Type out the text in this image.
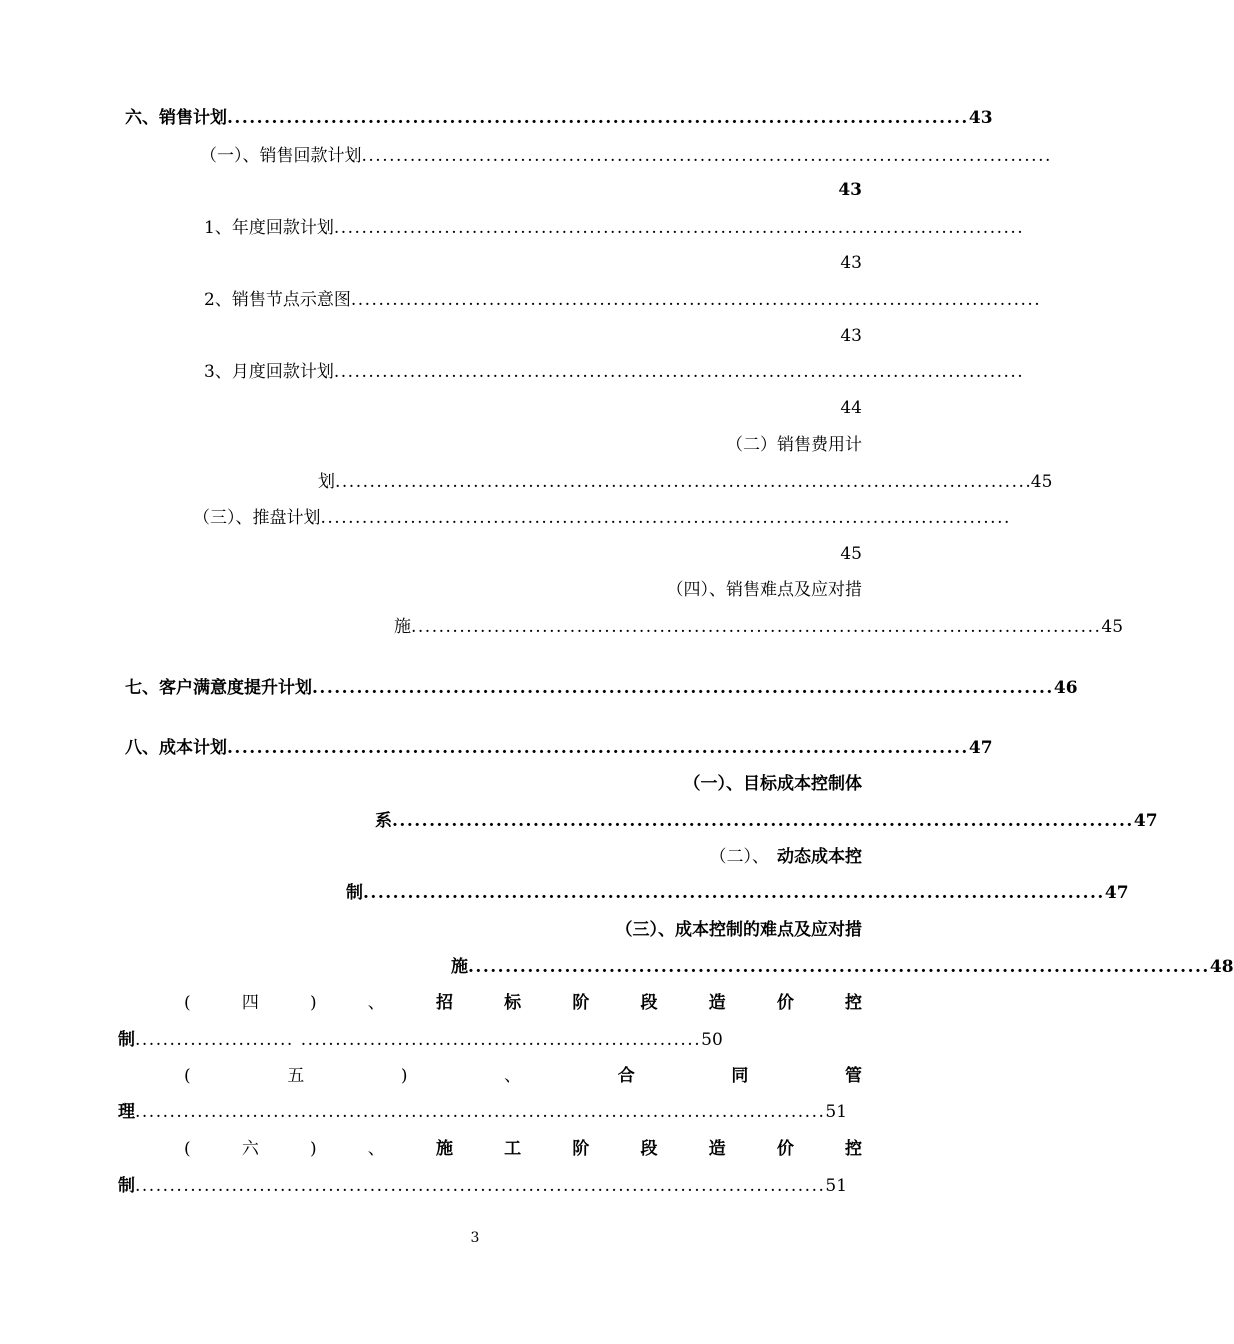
六、 销售计划 .................................................................................................... 43
（一）、销售回款计划 ....................................................................................................
43
1、年度回款计划 ....................................................................................................
43
2、销售节点示意图 ....................................................................................................
43
3、月度回款计划 ....................................................................................................
44
（二）销售费用计
划 .................................................................................................... .45
（三）、推盘计划 ....................................................................................................
45
（四）、销售难点及应对措
施 .................................................................................................... 45
七、 客户满意度提升计划 .................................................................................................... 46
八、 成本计划 .................................................................................................... 47
（一）、目标成本控制体
系 .................................................................................................... 47
（二）、 动态成本控
制 .................................................................................................... 47
（三）、成本控制的难点及应对措
施 .................................................................................................... 48
(	四	)	、	招	标	阶	段	造	价	控
制 ....................... .......................................................... 50
(	五	)	、	合	同	管
理 .................................................................................................... 51
(	六	)	、	施	工	阶	段	造	价	控
制 .................................................................................................... 51
3
